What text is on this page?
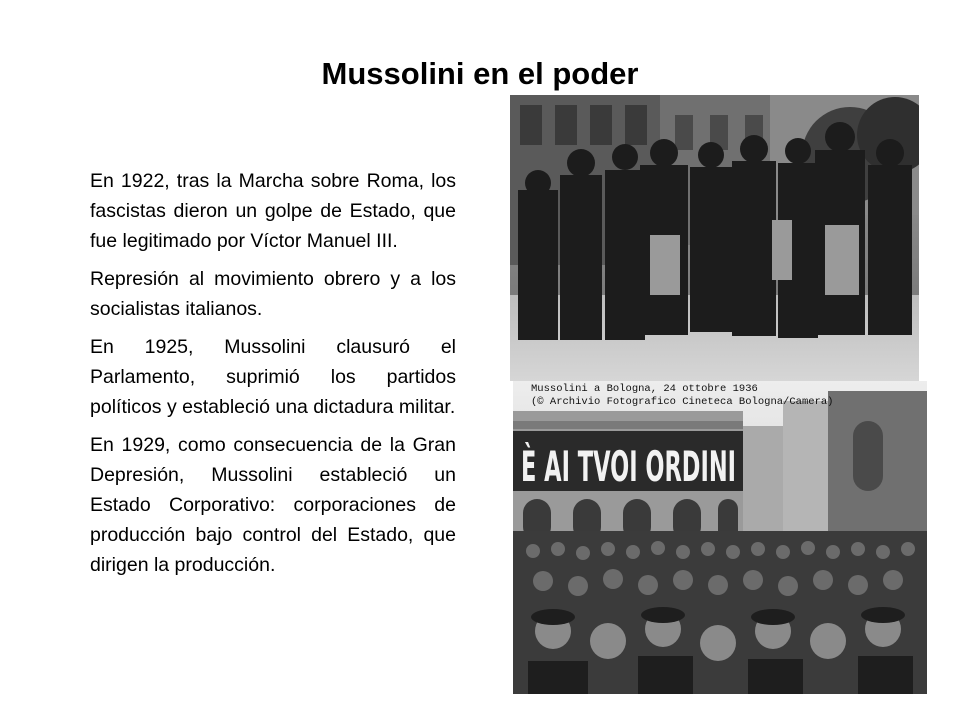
Mussolini en el poder

En 1922, tras la Marcha sobre Roma, los fascistas dieron un golpe de Estado, que fue legitimado por Víctor Manuel III.

Represión al movimiento obrero y a los socialistas italianos.

En 1925, Mussolini clausuró el Parlamento, suprimió los partidos políticos y estableció una dictadura militar.

En 1929, como consecuencia de la Gran Depresión, Mussolini estableció un Estado Corporativo: corporaciones de producción bajo control del Estado, que dirigen la producción.

È AI TVOI ORDINI
Mussolini a Bologna, 24 ottobre 1936
(© Archivio Fotografico Cineteca Bologna/Camera)
